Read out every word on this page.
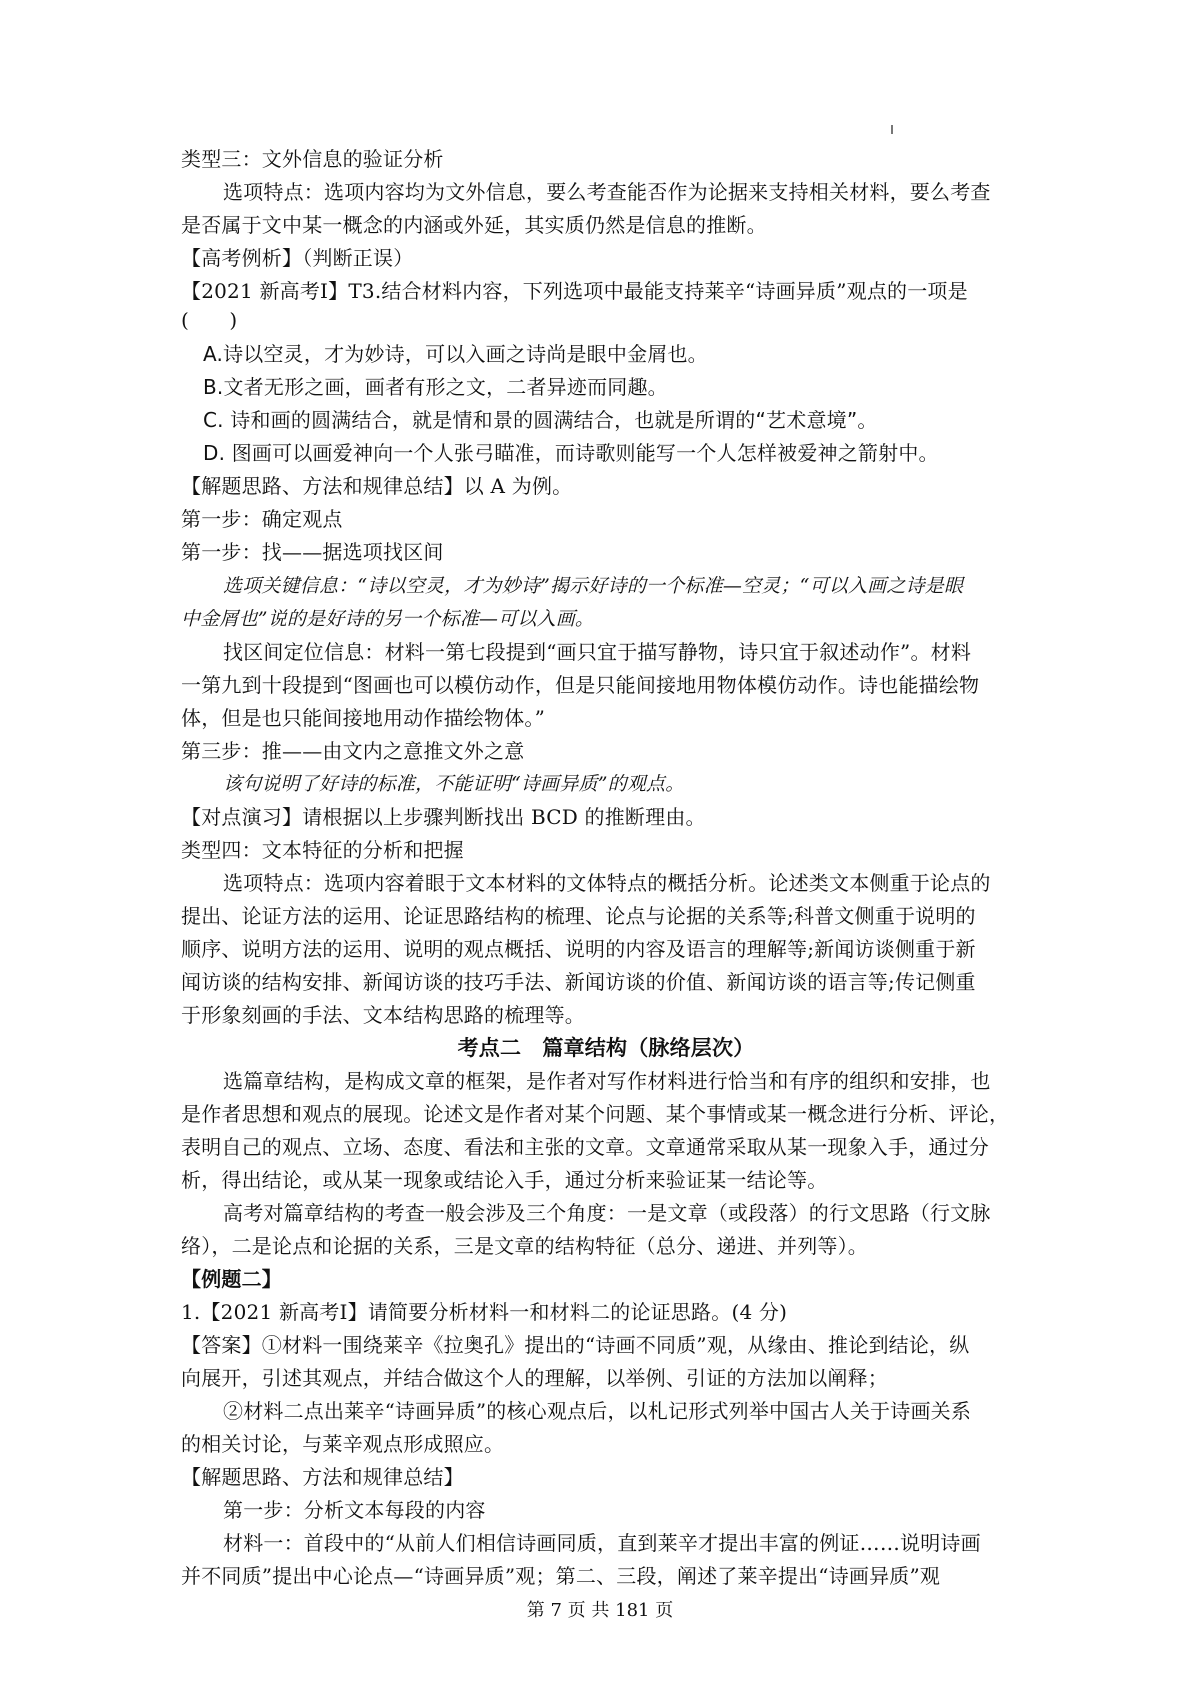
类型三：文外信息的验证分析
选项特点：选项内容均为文外信息，要么考查能否作为论据来支持相关材料，要么考查
是否属于文中某一概念的内涵或外延，其实质仍然是信息的推断。
【高考例析】（判断正误）
【2021 新高考Ⅰ】T3.结合材料内容，下列选项中最能支持莱辛“诗画异质”观点的一项是
(　　)
A.诗以空灵，才为妙诗，可以入画之诗尚是眼中金屑也。
B.文者无形之画，画者有形之文，二者异迹而同趣。
C. 诗和画的圆满结合，就是情和景的圆满结合，也就是所谓的“艺术意境”。
D. 图画可以画爱神向一个人张弓瞄准，而诗歌则能写一个人怎样被爱神之箭射中。
【解题思路、方法和规律总结】以 A 为例。
第一步：确定观点
第一步：找——据选项找区间
选项关键信息：“诗以空灵，才为妙诗”揭示好诗的一个标准—空灵；“可以入画之诗是眼
中金屑也”说的是好诗的另一个标准—可以入画。
找区间定位信息：材料一第七段提到“画只宜于描写静物，诗只宜于叙述动作”。材料
一第九到十段提到“图画也可以模仿动作，但是只能间接地用物体模仿动作。诗也能描绘物
体，但是也只能间接地用动作描绘物体。”
第三步：推——由文内之意推文外之意
该句说明了好诗的标准，不能证明“诗画异质”的观点。
【对点演习】请根据以上步骤判断找出 BCD 的推断理由。
类型四：文本特征的分析和把握
选项特点：选项内容着眼于文本材料的文体特点的概括分析。论述类文本侧重于论点的
提出、论证方法的运用、论证思路结构的梳理、论点与论据的关系等;科普文侧重于说明的
顺序、说明方法的运用、说明的观点概括、说明的内容及语言的理解等;新闻访谈侧重于新
闻访谈的结构安排、新闻访谈的技巧手法、新闻访谈的价值、新闻访谈的语言等;传记侧重
于形象刻画的手法、文本结构思路的梳理等。
考点二　篇章结构（脉络层次）
选篇章结构，是构成文章的框架，是作者对写作材料进行恰当和有序的组织和安排，也
是作者思想和观点的展现。论述文是作者对某个问题、某个事情或某一概念进行分析、评论，
表明自己的观点、立场、态度、看法和主张的文章。文章通常采取从某一现象入手，通过分
析，得出结论，或从某一现象或结论入手，通过分析来验证某一结论等。
高考对篇章结构的考查一般会涉及三个角度：一是文章（或段落）的行文思路（行文脉
络），二是论点和论据的关系，三是文章的结构特征（总分、递进、并列等）。
【例题二】
1.【2021 新高考Ⅰ】请简要分析材料一和材料二的论证思路。(4 分)
【答案】①材料一围绕莱辛《拉奥孔》提出的“诗画不同质”观，从缘由、推论到结论，纵
向展开，引述其观点，并结合做这个人的理解，以举例、引证的方法加以阐释；
②材料二点出莱辛“诗画异质”的核心观点后，以札记形式列举中国古人关于诗画关系
的相关讨论，与莱辛观点形成照应。
【解题思路、方法和规律总结】
第一步：分析文本每段的内容
材料一：首段中的“从前人们相信诗画同质，直到莱辛才提出丰富的例证……说明诗画
并不同质”提出中心论点—“诗画异质”观；第二、三段，阐述了莱辛提出“诗画异质”观
第 7 页 共 181 页
